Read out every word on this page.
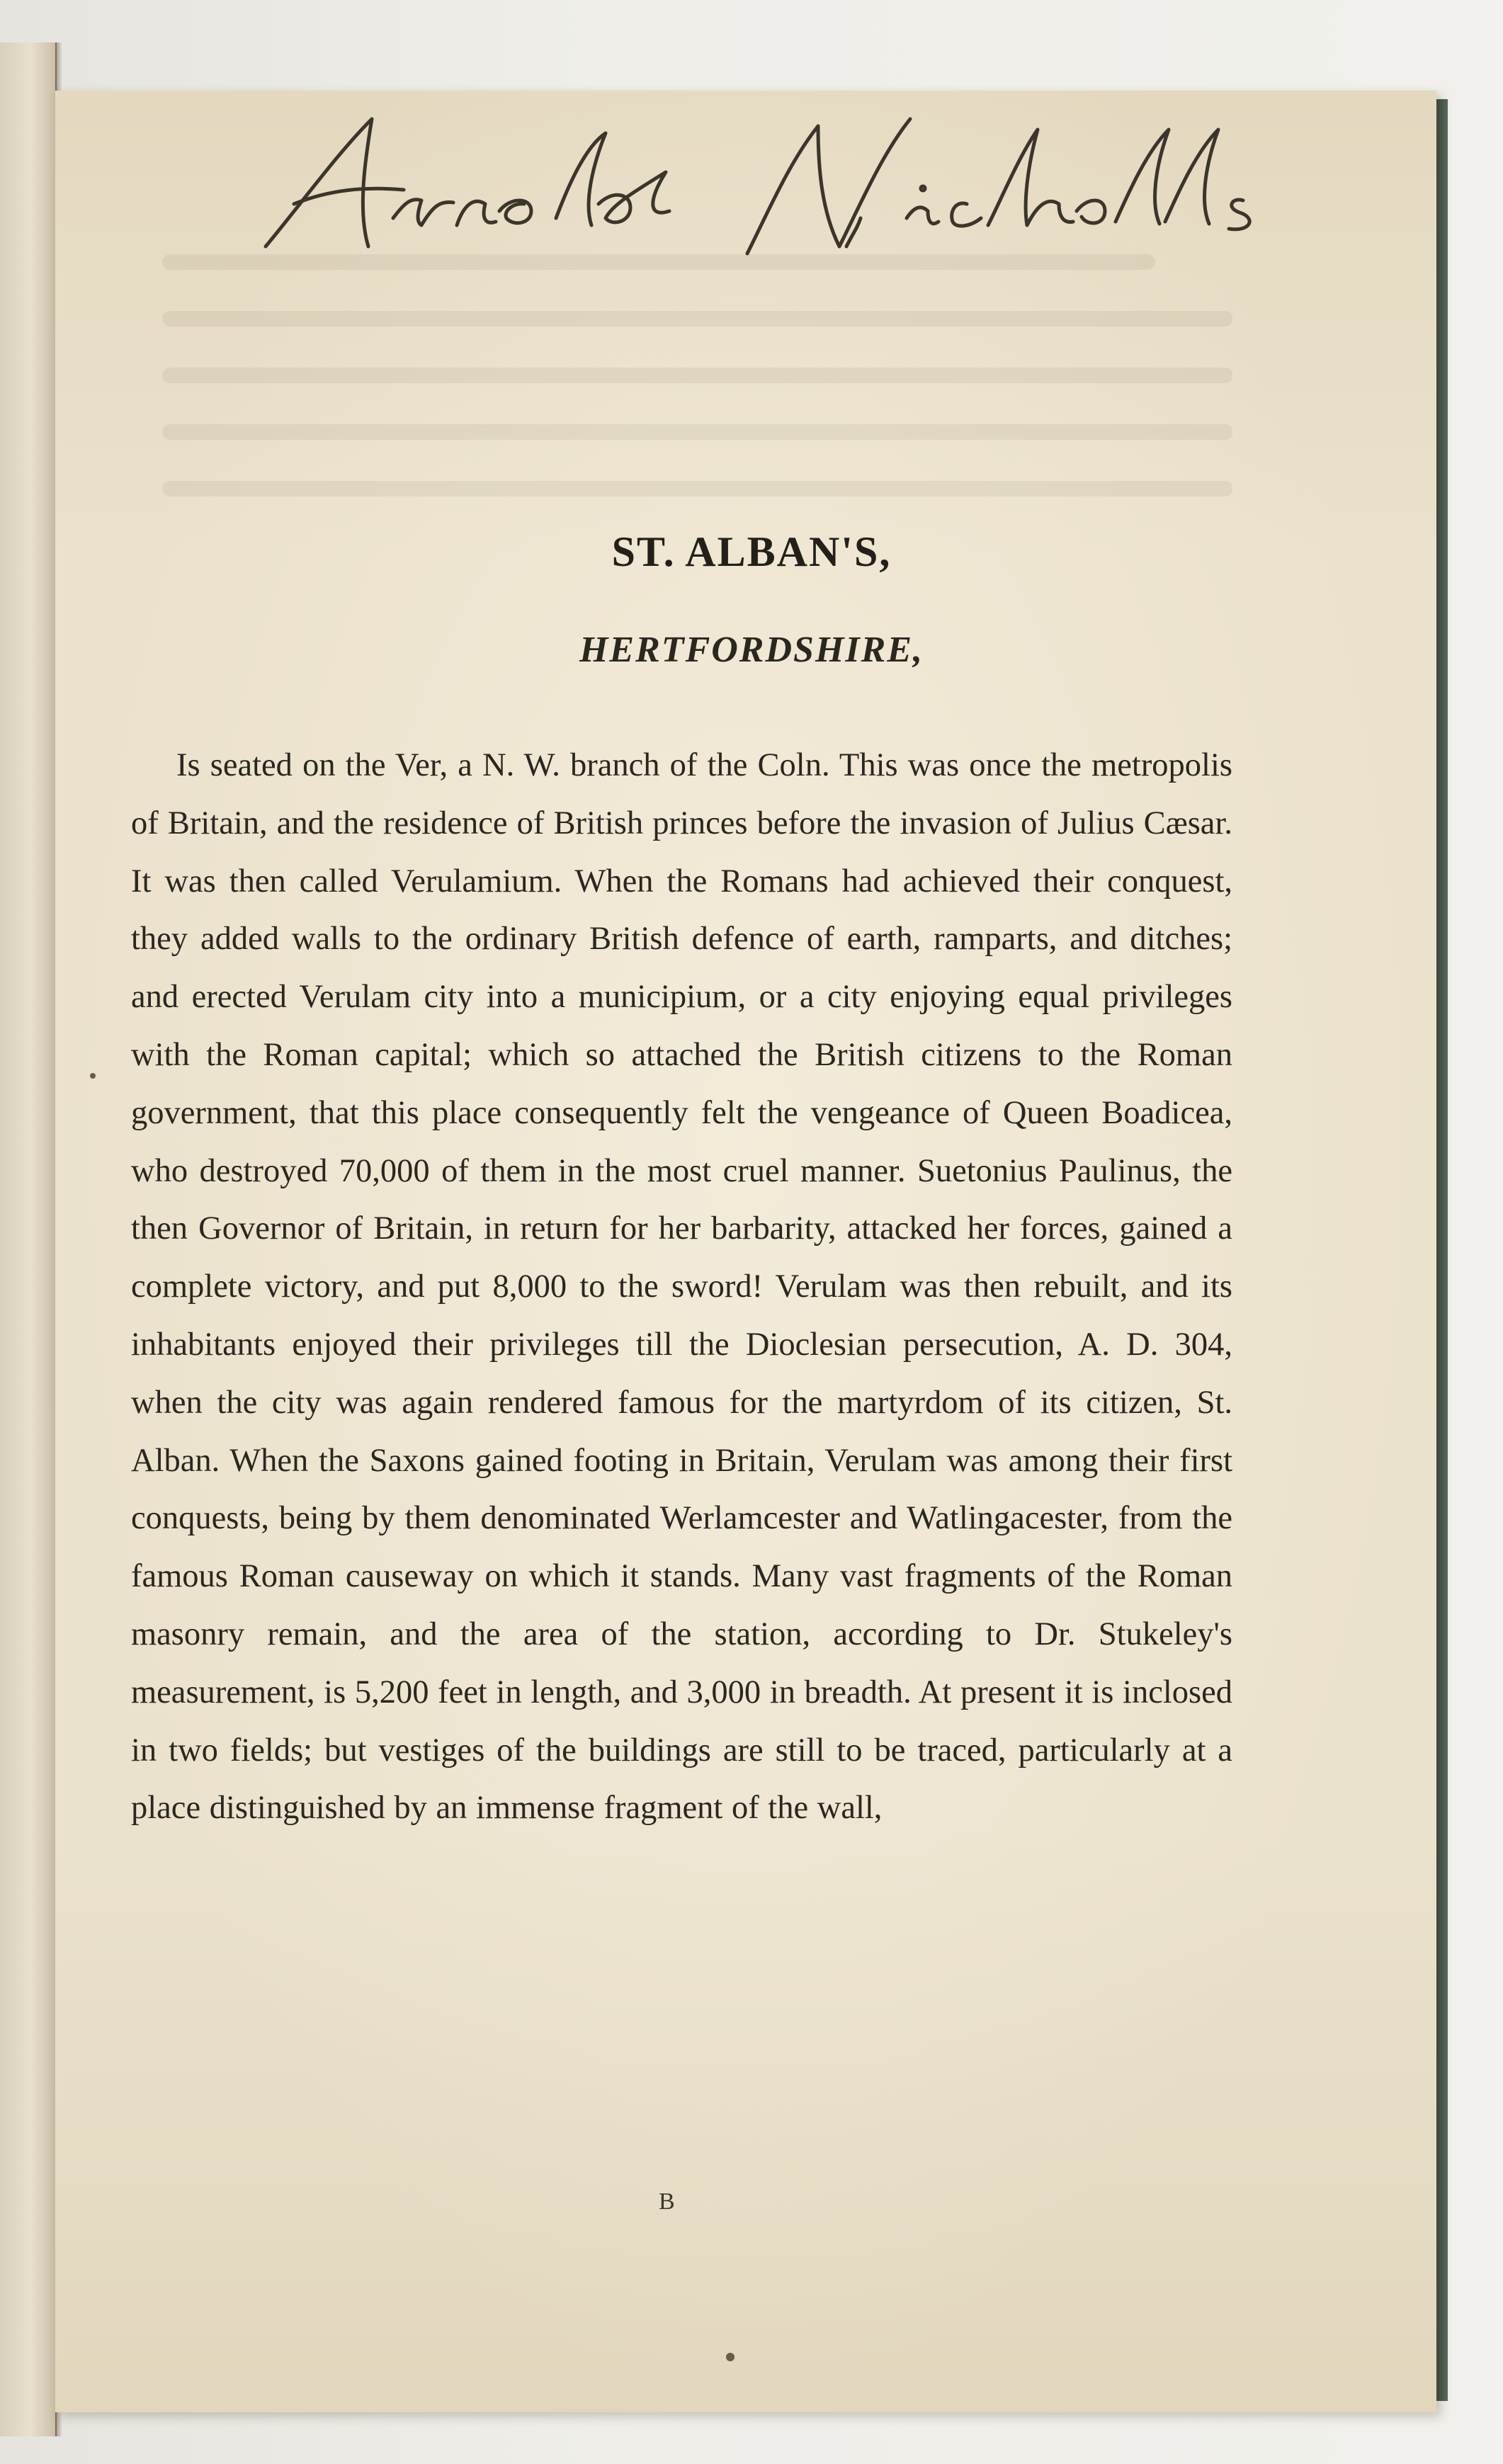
ST. ALBAN'S,
HERTFORDSHIRE,

Is seated on the Ver, a N. W. branch of the Coln. This was once the metropolis of Britain, and the residence of British princes before the invasion of Julius Cæsar. It was then called Verulamium. When the Romans had achieved their conquest, they added walls to the ordinary British defence of earth, ramparts, and ditches; and erected Verulam city into a municipium, or a city enjoying equal privileges with the Roman capital; which so attached the British citizens to the Roman government, that this place consequently felt the vengeance of Queen Boadicea, who destroyed 70,000 of them in the most cruel manner. Suetonius Paulinus, the then Governor of Britain, in return for her barbarity, attacked her forces, gained a complete victory, and put 8,000 to the sword! Verulam was then rebuilt, and its inhabitants enjoyed their privileges till the Dioclesian persecution, A. D. 304, when the city was again rendered famous for the martyrdom of its citizen, St. Alban. When the Saxons gained footing in Britain, Verulam was among their first conquests, being by them denominated Werlamcester and Watlingacester, from the famous Roman causeway on which it stands. Many vast fragments of the Roman masonry remain, and the area of the station, according to Dr. Stukeley's measurement, is 5,200 feet in length, and 3,000 in breadth. At present it is inclosed in two fields; but vestiges of the buildings are still to be traced, particularly at a place distinguished by an immense fragment of the wall,

B
